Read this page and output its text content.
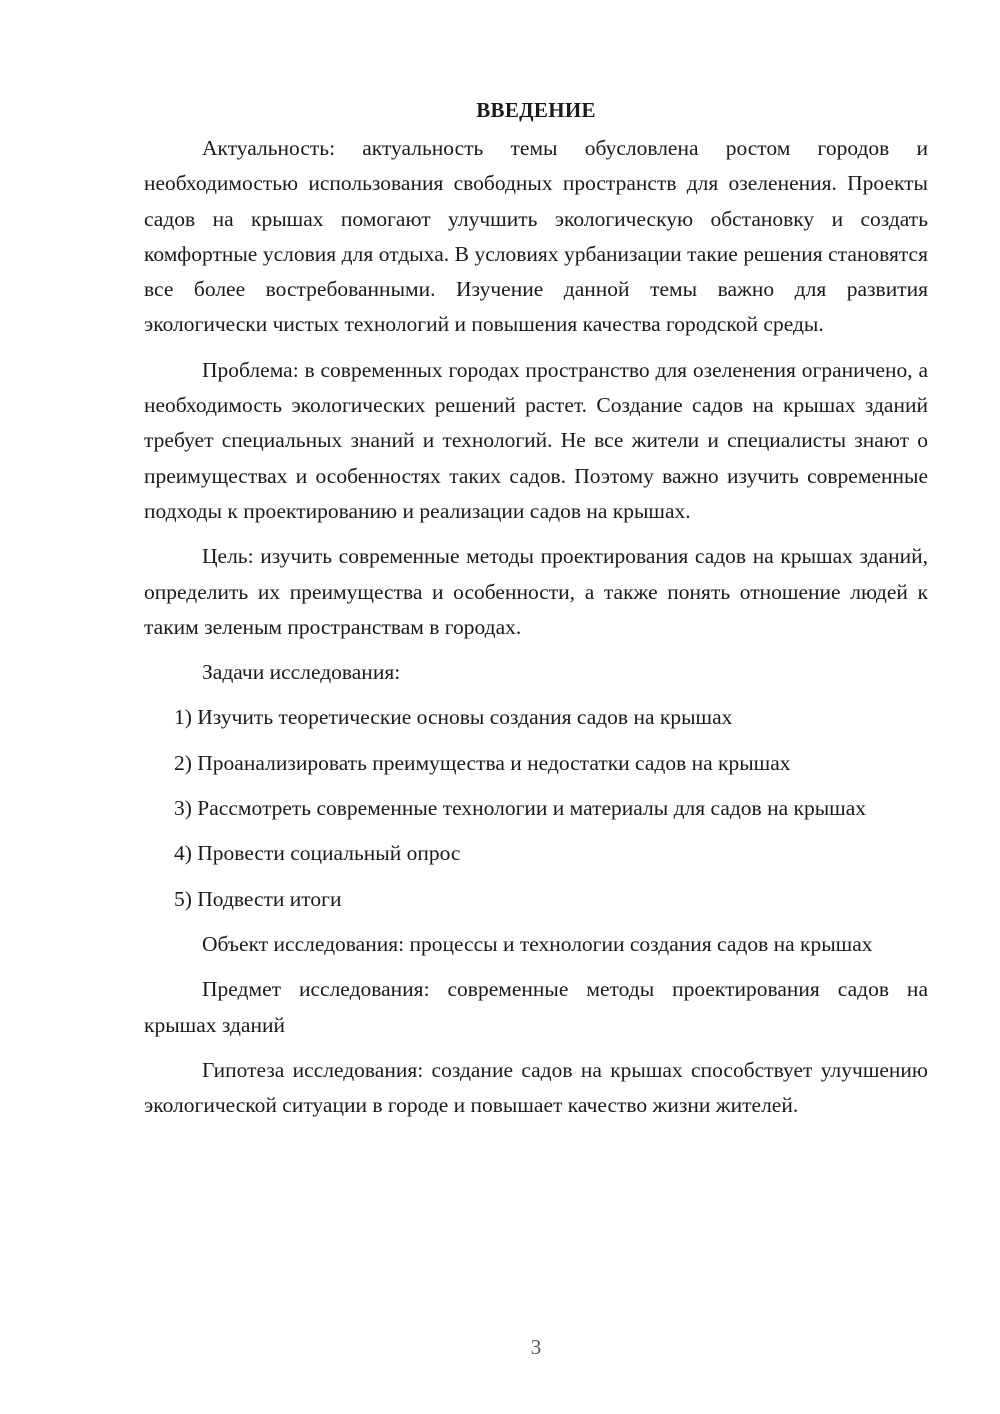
ВВЕДЕНИЕ

Актуальность: актуальность темы обусловлена ростом городов и необходимостью использования свободных пространств для озеленения. Проекты садов на крышах помогают улучшить экологическую обстановку и создать комфортные условия для отдыха. В условиях урбанизации такие решения становятся все более востребованными. Изучение данной темы важно для развития экологически чистых технологий и повышения качества городской среды.

Проблема: в современных городах пространство для озеленения ограничено, а необходимость экологических решений растет. Создание садов на крышах зданий требует специальных знаний и технологий. Не все жители и специалисты знают о преимуществах и особенностях таких садов. Поэтому важно изучить современные подходы к проектированию и реализации садов на крышах.

Цель: изучить современные методы проектирования садов на крышах зданий, определить их преимущества и особенности, а также понять отношение людей к таким зеленым пространствам в городах.

Задачи исследования:

1) Изучить теоретические основы создания садов на крышах

2) Проанализировать преимущества и недостатки садов на крышах

3) Рассмотреть современные технологии и материалы для садов на крышах

4) Провести социальный опрос

5) Подвести итоги

Объект исследования: процессы и технологии создания садов на крышах

Предмет исследования: современные методы проектирования садов на крышах зданий

Гипотеза исследования: создание садов на крышах способствует улучшению экологической ситуации в городе и повышает качество жизни жителей.

3
